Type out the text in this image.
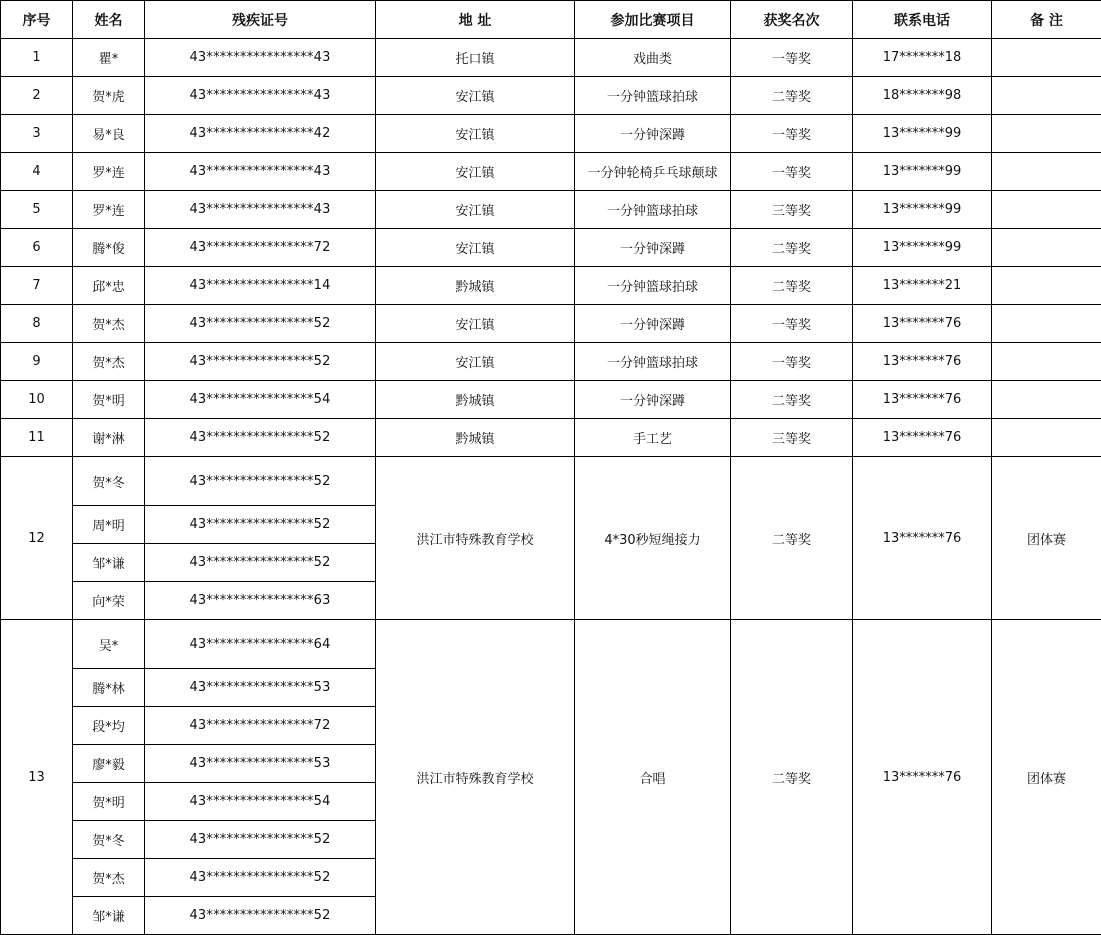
序号	姓名	残疾证号	地 址	参加比赛项目	获奖名次	联系电话	备 注
1	瞿*	43****************43	托口镇	戏曲类	一等奖	17*******18	
2	贺*虎	43****************43	安江镇	一分钟篮球拍球	二等奖	18*******98	
3	易*良	43****************42	安江镇	一分钟深蹲	一等奖	13*******99	
4	罗*连	43****************43	安江镇	一分钟轮椅乒乓球颠球	一等奖	13*******99	
5	罗*连	43****************43	安江镇	一分钟篮球拍球	三等奖	13*******99	
6	腾*俊	43****************72	安江镇	一分钟深蹲	二等奖	13*******99	
7	邱*忠	43****************14	黔城镇	一分钟篮球拍球	二等奖	13*******21	
8	贺*杰	43****************52	安江镇	一分钟深蹲	一等奖	13*******76	
9	贺*杰	43****************52	安江镇	一分钟篮球拍球	一等奖	13*******76	
10	贺*明	43****************54	黔城镇	一分钟深蹲	二等奖	13*******76	
11	谢*淋	43****************52	黔城镇	手工艺	三等奖	13*******76	
12	贺*冬	43****************52	洪江市特殊教育学校	4*30秒短绳接力	二等奖	13*******76	团体赛
	周*明	43****************52					
	邹*谦	43****************52					
	向*荣	43****************63					
13	吴*	43****************64	洪江市特殊教育学校	合唱	二等奖	13*******76	团体赛
	腾*林	43****************53					
	段*均	43****************72					
	廖*毅	43****************53					
	贺*明	43****************54					
	贺*冬	43****************52					
	贺*杰	43****************52					
	邹*谦	43****************52					
